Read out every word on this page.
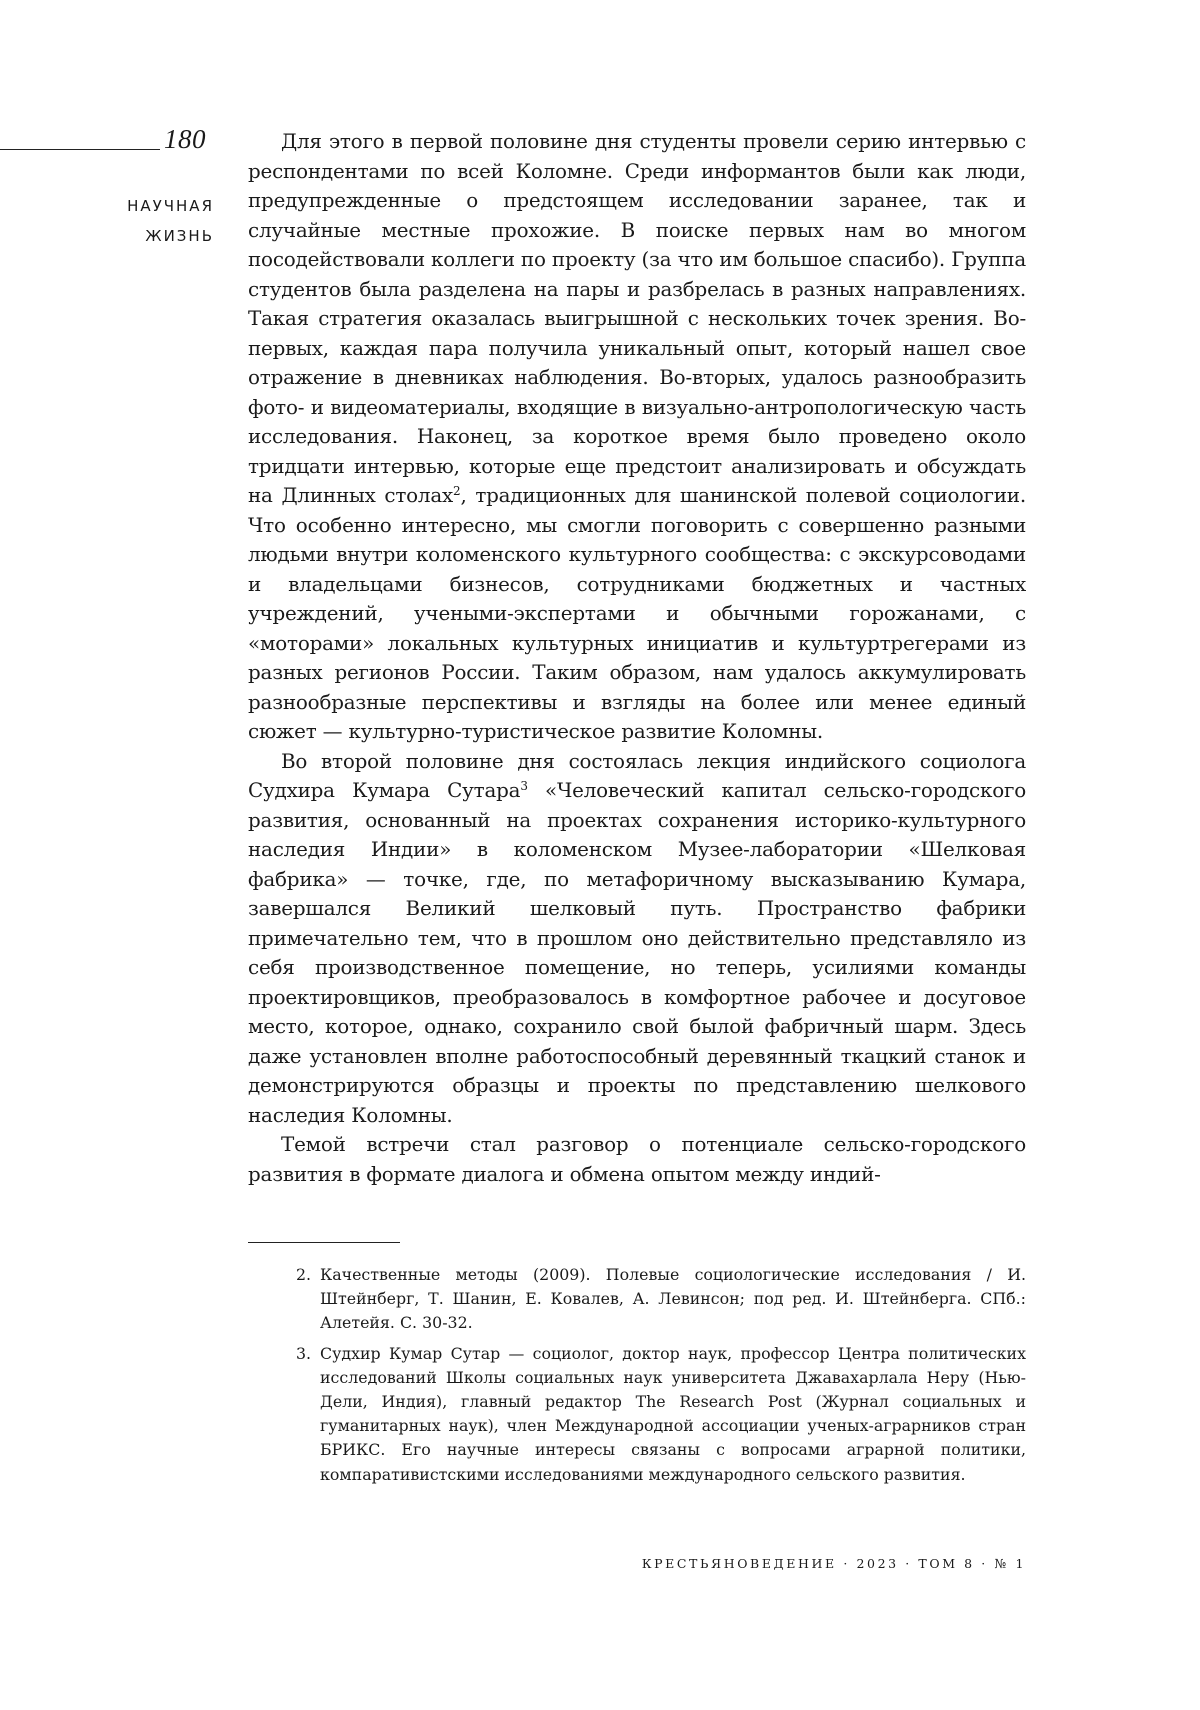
180
НАУЧНАЯ
ЖИЗНЬ

Для этого в первой половине дня студенты провели серию интервью с респондентами по всей Коломне. Среди информантов были как люди, предупрежденные о предстоящем исследовании заранее, так и случайные местные прохожие. В поиске первых нам во многом посодействовали коллеги по проекту (за что им большое спасибо). Группа студентов была разделена на пары и разбрелась в разных направлениях. Такая стратегия оказалась выигрышной с нескольких точек зрения. Во-первых, каждая пара получила уникальный опыт, который нашел свое отражение в дневниках наблюдения. Во-вторых, удалось разнообразить фото- и видеоматериалы, входящие в визуально-антропологическую часть исследования. Наконец, за короткое время было проведено около тридцати интервью, которые еще предстоит анализировать и обсуждать на Длинных столах$^2$, традиционных для шанинской полевой социологии. Что особенно интересно, мы смогли поговорить с совершенно разными людьми внутри коломенского культурного сообщества: с экскурсоводами и владельцами бизнесов, сотрудниками бюджетных и частных учреждений, учеными-экспертами и обычными горожанами, с «моторами» локальных культурных инициатив и культуртрегерами из разных регионов России. Таким образом, нам удалось аккумулировать разнообразные перспективы и взгляды на более или менее единый сюжет — культурно-туристическое развитие Коломны.

Во второй половине дня состоялась лекция индийского социолога Судхира Кумара Сутара$^3$ «Человеческий капитал сельско-городского развития, основанный на проектах сохранения историко-культурного наследия Индии» в коломенском Музее-лаборатории «Шелковая фабрика» — точке, где, по метафоричному высказыванию Кумара, завершался Великий шелковый путь. Пространство фабрики примечательно тем, что в прошлом оно действительно представляло из себя производственное помещение, но теперь, усилиями команды проектировщиков, преобразовалось в комфортное рабочее и досуговое место, которое, однако, сохранило свой былой фабричный шарм. Здесь даже установлен вполне работоспособный деревянный ткацкий станок и демонстрируются образцы и проекты по представлению шелкового наследия Коломны.

Темой встречи стал разговор о потенциале сельско-городского развития в формате диалога и обмена опытом между индий-

2. Качественные методы (2009). Полевые социологические исследования / И. Штейнберг, Т. Шанин, Е. Ковалев, А. Левинсон; под ред. И. Штейнберга. СПб.: Алетейя. С. 30-32.
3. Судхир Кумар Сутар — социолог, доктор наук, профессор Центра политических исследований Школы социальных наук университета Джавахарлала Неру (Нью-Дели, Индия), главный редактор The Research Post (Журнал социальных и гуманитарных наук), член Международной ассоциации ученых-аграрников стран БРИКС. Его научные интересы связаны с вопросами аграрной политики, компаративистскими исследованиями международного сельского развития.
КРЕСТЬЯНОВЕДЕНИЕ · 2023 · ТОМ 8 · № 1
